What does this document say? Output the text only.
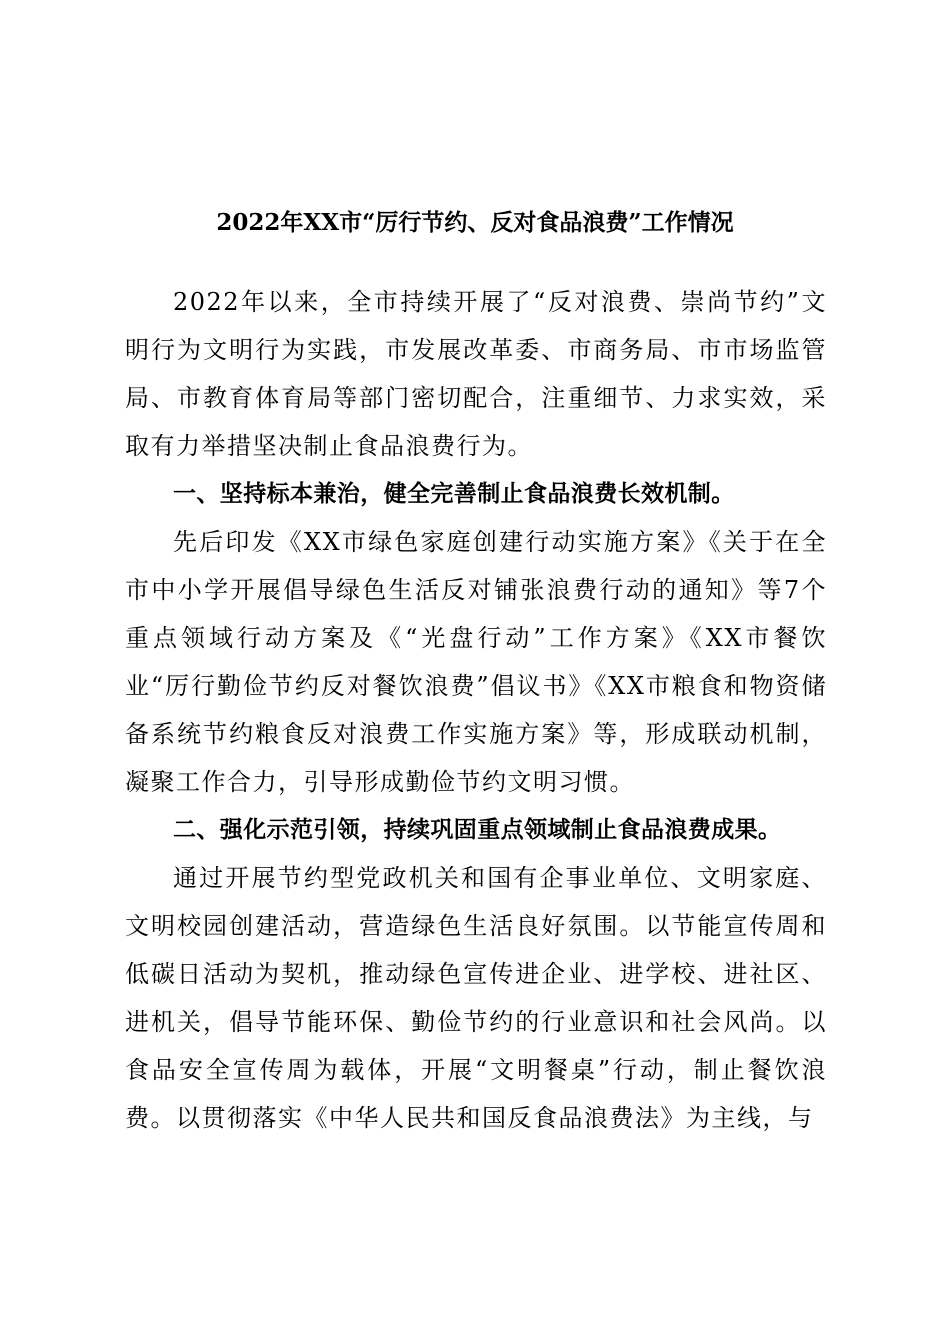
2022年XX市“厉行节约、反对食品浪费”工作情况

2022年以来，全市持续开展了“反对浪费、崇尚节约”文明行为文明行为实践，市发展改革委、市商务局、市市场监管局、市教育体育局等部门密切配合，注重细节、力求实效，采取有力举措坚决制止食品浪费行为。

一、坚持标本兼治，健全完善制止食品浪费长效机制。

先后印发《XX市绿色家庭创建行动实施方案》《关于在全市中小学开展倡导绿色生活反对铺张浪费行动的通知》等7个重点领域行动方案及《“光盘行动”工作方案》《XX市餐饮业“厉行勤俭节约反对餐饮浪费”倡议书》《XX市粮食和物资储备系统节约粮食反对浪费工作实施方案》等，形成联动机制，凝聚工作合力，引导形成勤俭节约文明习惯。

二、强化示范引领，持续巩固重点领域制止食品浪费成果。

通过开展节约型党政机关和国有企事业单位、文明家庭、文明校园创建活动，营造绿色生活良好氛围。以节能宣传周和低碳日活动为契机，推动绿色宣传进企业、进学校、进社区、进机关，倡导节能环保、勤俭节约的行业意识和社会风尚。以食品安全宣传周为载体，开展“文明餐桌”行动，制止餐饮浪费。以贯彻落实《中华人民共和国反食品浪费法》为主线，与
